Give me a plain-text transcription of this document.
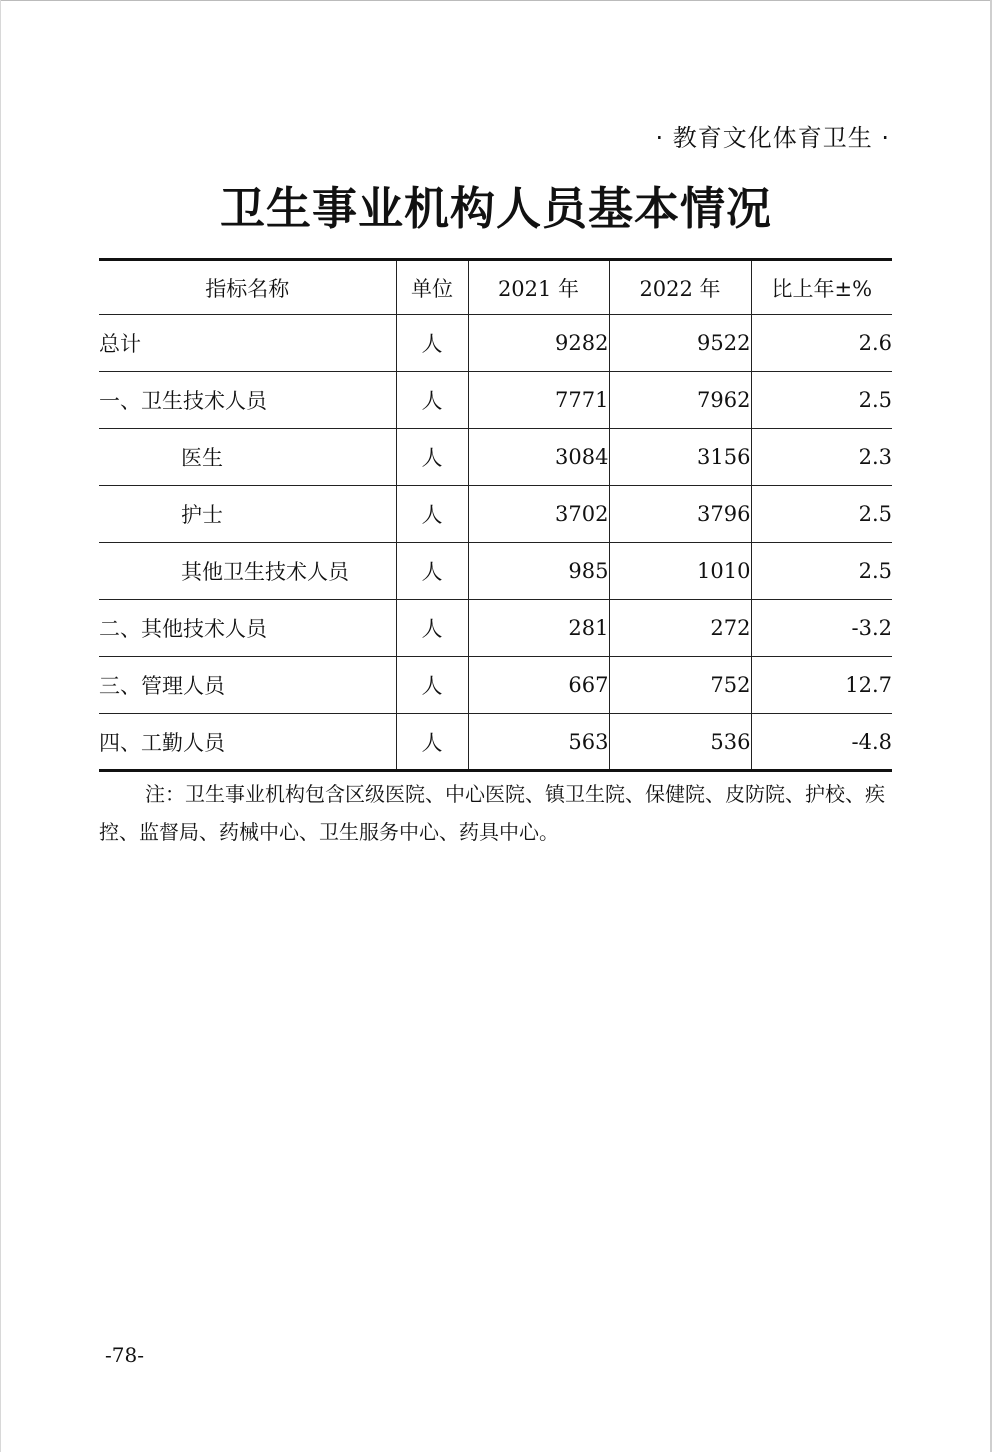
· 教育文化体育卫生 ·
卫生事业机构人员基本情况
指标名称	单位	2021 年	2022 年	比上年±%
总计	人	9282	9522	2.6
一、卫生技术人员	人	7771	7962	2.5
医生	人	3084	3156	2.3
护士	人	3702	3796	2.5
其他卫生技术人员	人	985	1010	2.5
二、其他技术人员	人	281	272	-3.2
三、管理人员	人	667	752	12.7
四、工勤人员	人	563	536	-4.8
注：卫生事业机构包含区级医院、中心医院、镇卫生院、保健院、皮防院、护校、疾控、监督局、药械中心、卫生服务中心、药具中心。
-78-
